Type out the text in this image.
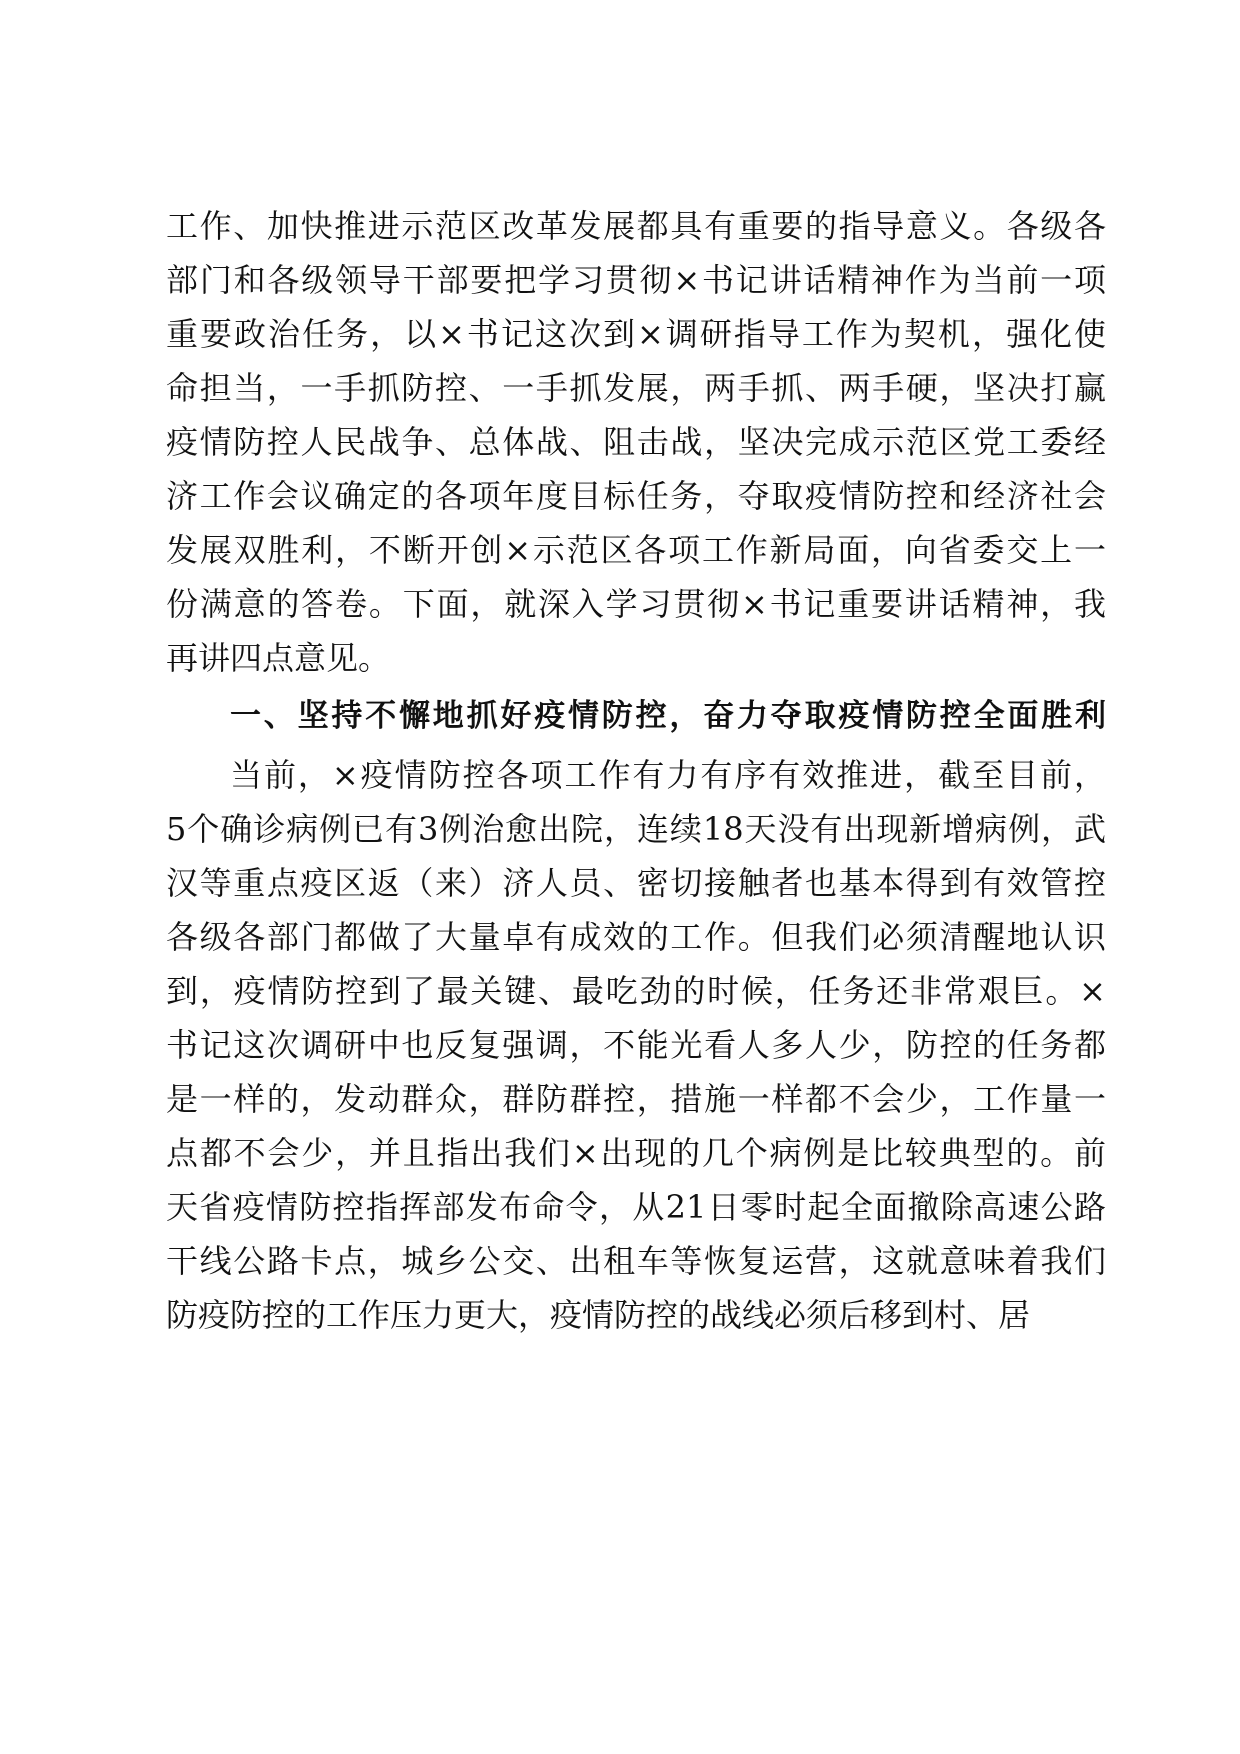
工作、加快推进示范区改革发展都具有重要的指导意义。各级各
部门和各级领导干部要把学习贯彻×书记讲话精神作为当前一项
重要政治任务，以×书记这次到×调研指导工作为契机，强化使
命担当，一手抓防控、一手抓发展，两手抓、两手硬，坚决打赢
疫情防控人民战争、总体战、阻击战，坚决完成示范区党工委经
济工作会议确定的各项年度目标任务，夺取疫情防控和经济社会
发展双胜利，不断开创×示范区各项工作新局面，向省委交上一
份满意的答卷。下面，就深入学习贯彻×书记重要讲话精神，我
再讲四点意见。
一、坚持不懈地抓好疫情防控，奋力夺取疫情防控全面胜利
当前，×疫情防控各项工作有力有序有效推进，截至目前，
5个确诊病例已有3例治愈出院，连续18天没有出现新增病例，武
汉等重点疫区返（来）济人员、密切接触者也基本得到有效管控
各级各部门都做了大量卓有成效的工作。但我们必须清醒地认识
到，疫情防控到了最关键、最吃劲的时候，任务还非常艰巨。×
书记这次调研中也反复强调，不能光看人多人少，防控的任务都
是一样的，发动群众，群防群控，措施一样都不会少，工作量一
点都不会少，并且指出我们×出现的几个病例是比较典型的。前
天省疫情防控指挥部发布命令，从21日零时起全面撤除高速公路
干线公路卡点，城乡公交、出租车等恢复运营，这就意味着我们
防疫防控的工作压力更大，疫情防控的战线必须后移到村、居
